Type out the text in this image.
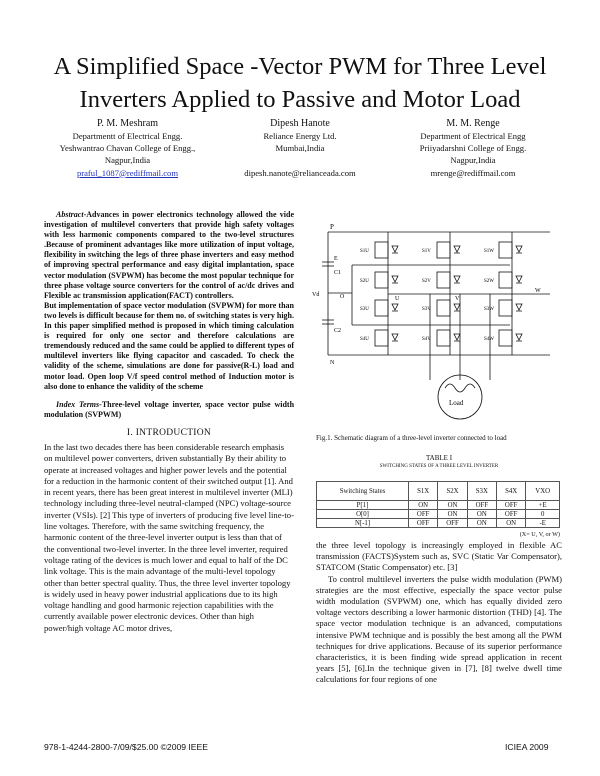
A Simplified Space -Vector PWM for Three Level Inverters Applied to Passive and Motor Load
P. M. Meshram
Departmentt of Electrical Engg.
Yeshwantrao Chavan College of Engg.,
Nagpur,India
praful_1087@rediffmail.com
Dipesh Hanote
Reliance Energy Ltd.
Mumbai,India
dipesh.nanote@relianceada.com
M. M. Renge
Department of Electrical Engg
Priiyadarshni College of Engg.
Nagpur,India
mrenge@rediffmail.com

Abstract-Advances in power electronics technology allowed the vide investigation of multilevel converters that provide high safety voltages with less harmonic components compared to the two-level structures .Because of prominent advantages like more utilization of input voltage, flexibility in switching the legs of three phase inverters and easy method of improving spectral performance and easy digital implantation, space vector modulation (SVPWM) has become the most popular technique for three phase voltage source converters for the control of ac/dc drives and Flexible ac transmission application(FACT) controllers.

But implementation of space vector modulation (SVPWM) for more than two levels is difficult because for them no. of switching states is very high. In this paper simplified method is proposed in which timing calculation is required for only one sector and therefore calculations are tremendously reduced and the same could be applied to different types of multilevel inverters like flying capacitor and cascaded. To check the validity of the scheme, simulations are done for passive(R-L) load and motor load. Open loop V/f speed control method of Induction motor is also done to enhance the validity of the scheme

Index Terms-Three-level voltage inverter, space vector pulse width modulation (SVPWM)

I. INTRODUCTION

In the last two decades there has been considerable research emphasis on multilevel power converters, driven substantially By their ability to operate at increased voltages and higher power levels and the potential for a reduction in the harmonic content of their switched output [1]. And in recent years, there has been great interest in multilevel inverter (MLI) technology including three-level neutral-clamped (NPC) voltage-source inverter (VSIs). [2] This type of inverters of producing five level line-to-line voltages. Therefore, with the same switching frequency, the harmonic content of the three-level inverter output is less than that of the conventional two-level inverter. In the three level inverter, required voltage rating of the devices is much lower and equal to half of the DC link voltage. This is the main advantage of the multi-level topology other than better spectral quality. Thus, the three level inverter topology is widely used in heavy power industrial applications due to its high voltage handling and good harmonic rejection capabilities with the currently available power electronic devices. Other than high power/high voltage AC motor drives,

P
E
C1
C2
Vd	O
N
U	V
W
Load
S1U
S2U
S3U
S4U
S1V
S2V
S3V
S4V
S1W
S2W
S3W
S4W
Fig.1. Schematic diagram of a three-level inverter connected to load
TABLE I
SWITCHING STATES OF A THREE LEVEL INVERTER
Switching States	S1X	S2X	S3X	S4X	VXO
P[1]	ON	ON	OFF	OFF	+E
O[0]	OFF	ON	ON	OFF	0
N[-1]	OFF	OFF	ON	ON	-E
(X= U, V, or W)

the three level topology is increasingly employed in flexible AC transmission (FACTS)System such as, SVC (Static Var Compensator), STATCOM (Static Compensator) etc. [3]

To control multilevel inverters the pulse width modulation (PWM) strategies are the most effective, especially the space vector pulse width modulation (SVPWM) one, which has equally divided zero voltage vectors describing a lower harmonic distortion (THD) [4]. The space vector modulation technique is an advanced, computations intensive PWM technique and is possibly the best among all the PWM techniques for drive applications. Because of its superior performance characteristics, it is been finding wide spread application in recent years [5], [6].In the technique given in [7], [8] twelve dwell time calculations for four regions of one

978-1-4244-2800-7/09/$25.00 ©2009 IEEE	ICIEA 2009
